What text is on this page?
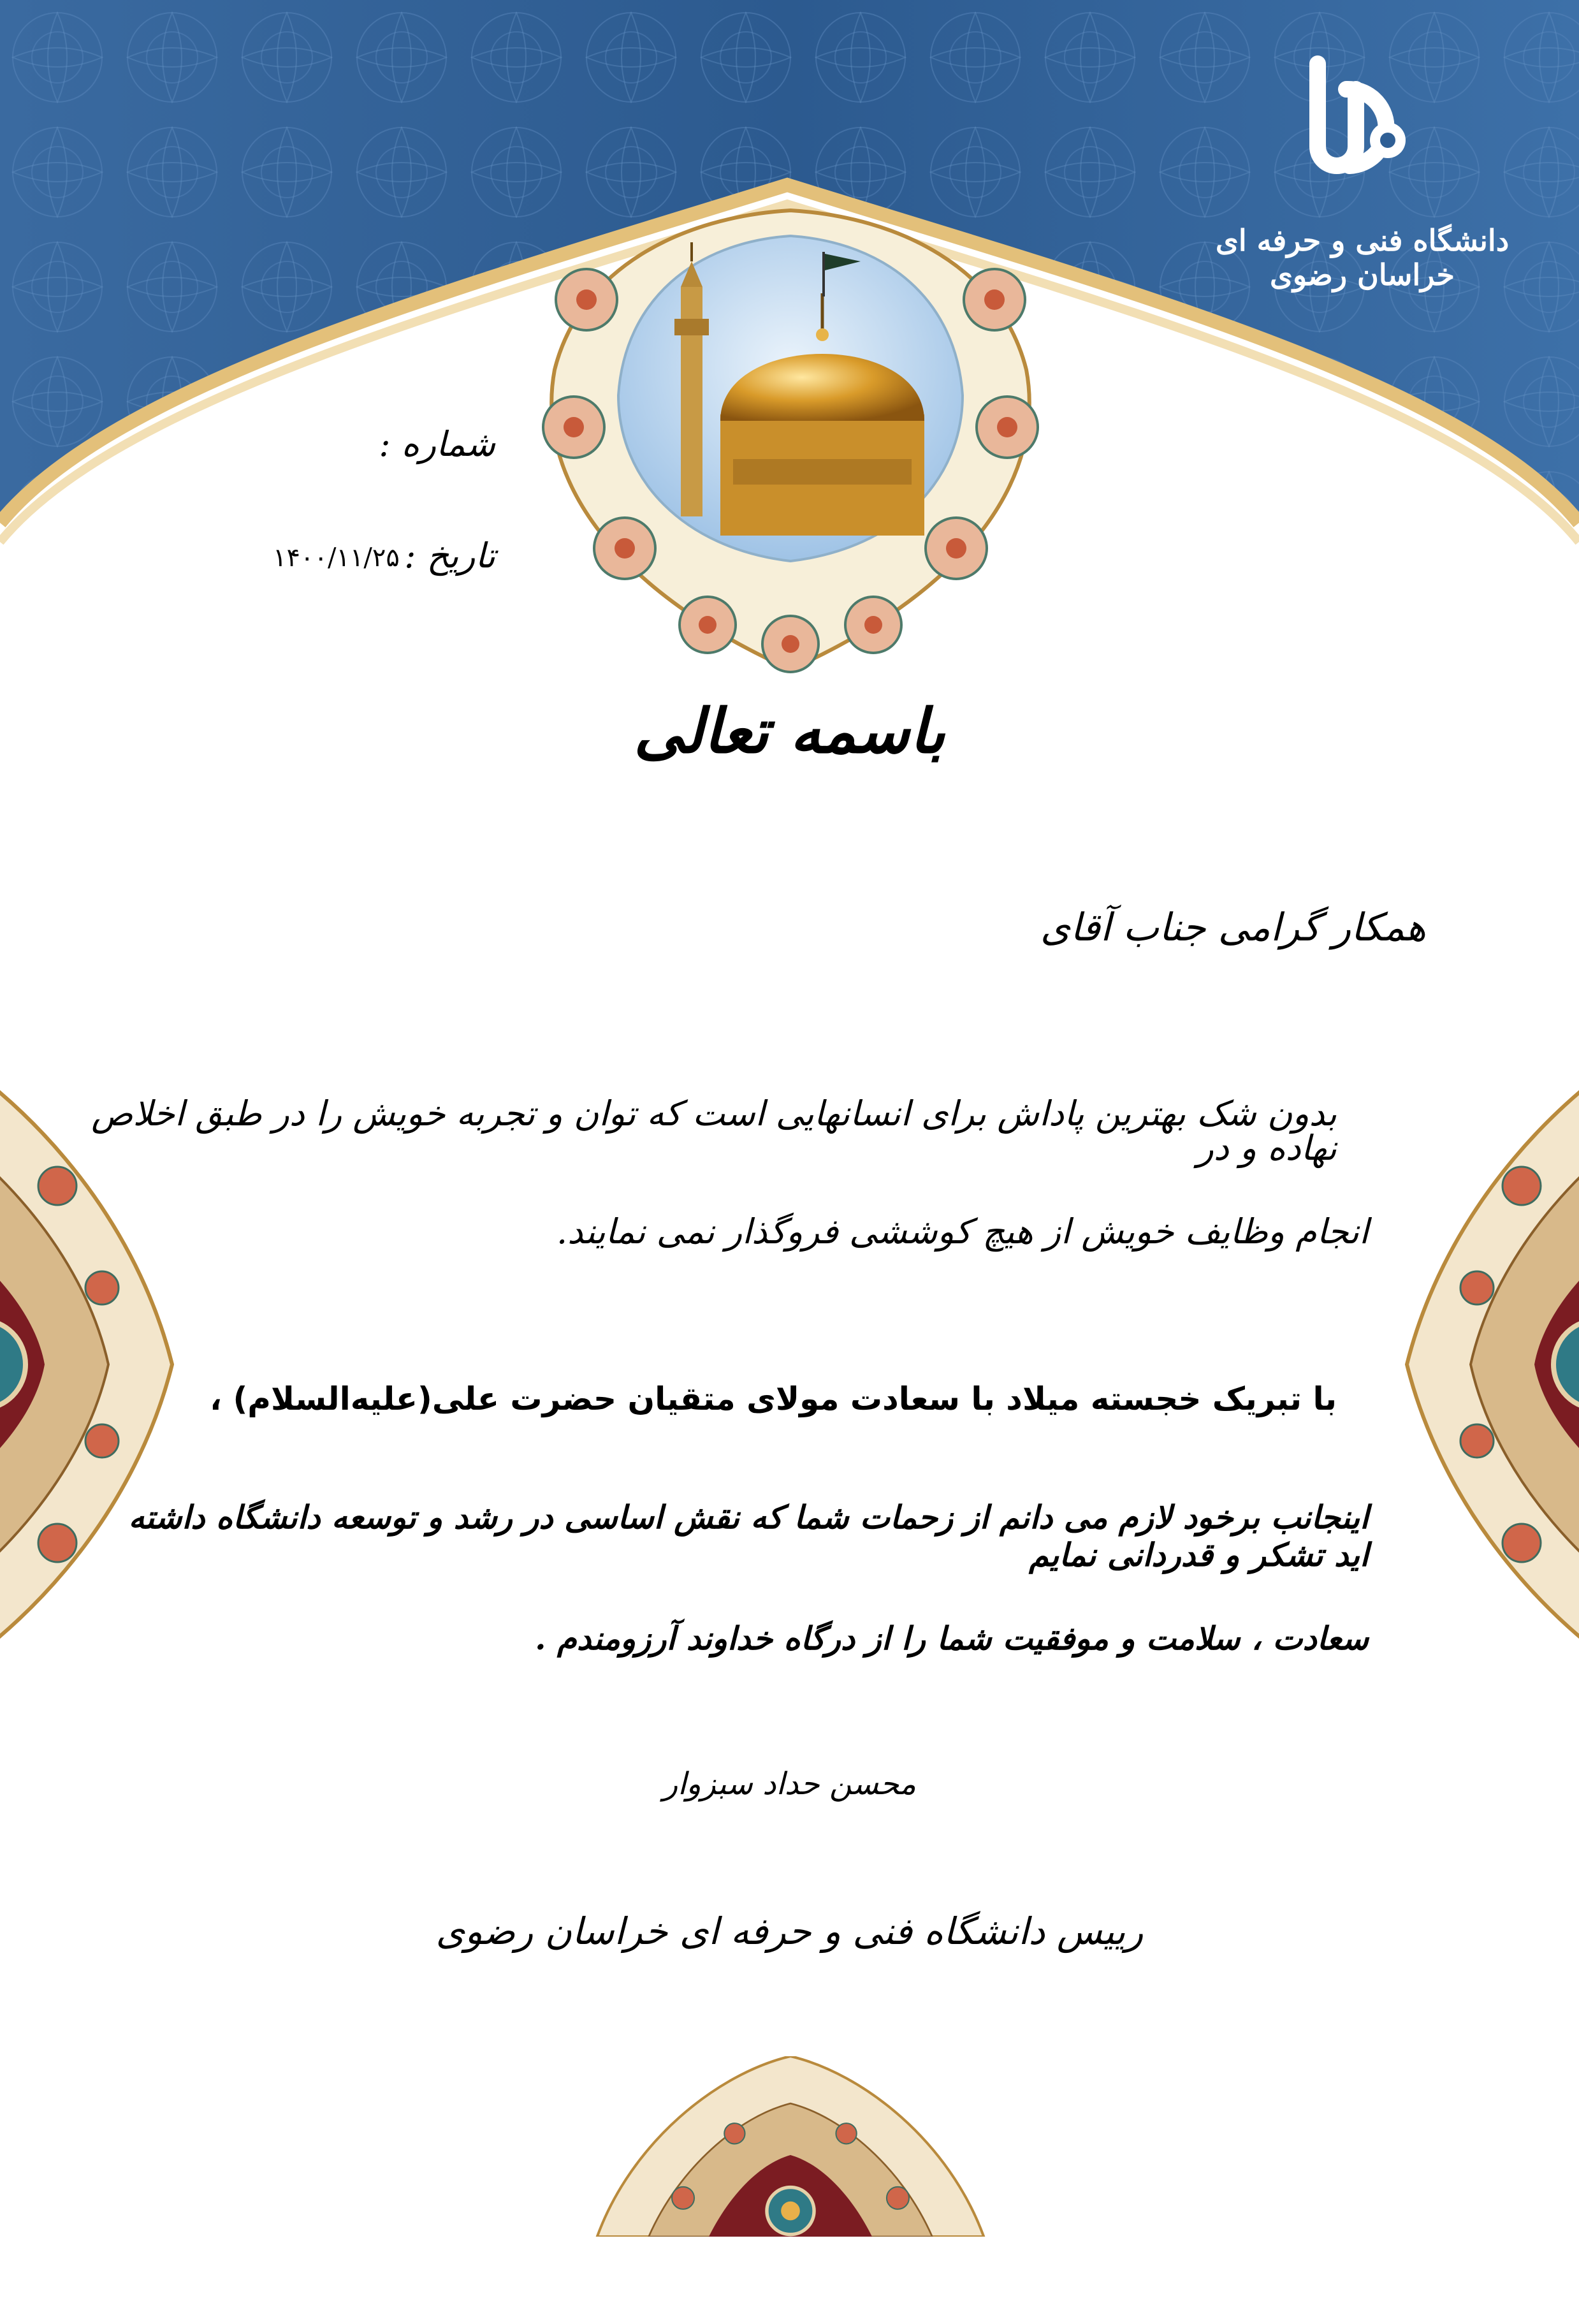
دانشگاه فنی و حرفه ای خراسان رضوی
شماره :
تاریخ :
۱۴۰۰/۱۱/۲۵
باسمه تعالی
همکار گرامی جناب آقای
بدون شک بهترین پاداش برای انسانهایی است که توان و تجربه خویش را در طبق اخلاص نهاده و در
انجام وظایف خویش از هیچ کوششی فروگذار نمی نمایند.
با تبریک خجسته میلاد با سعادت مولای متقیان حضرت علی(علیه‌السلام) ،
اینجانب برخود لازم می دانم از زحمات شما که نقش اساسی در رشد و توسعه دانشگاه داشته اید تشکر و قدردانی نمایم
سعادت ، سلامت و موفقیت شما را از درگاه خداوند آرزومندم .
محسن حداد سبزوار
رییس دانشگاه فنی و حرفه ای خراسان رضوی
